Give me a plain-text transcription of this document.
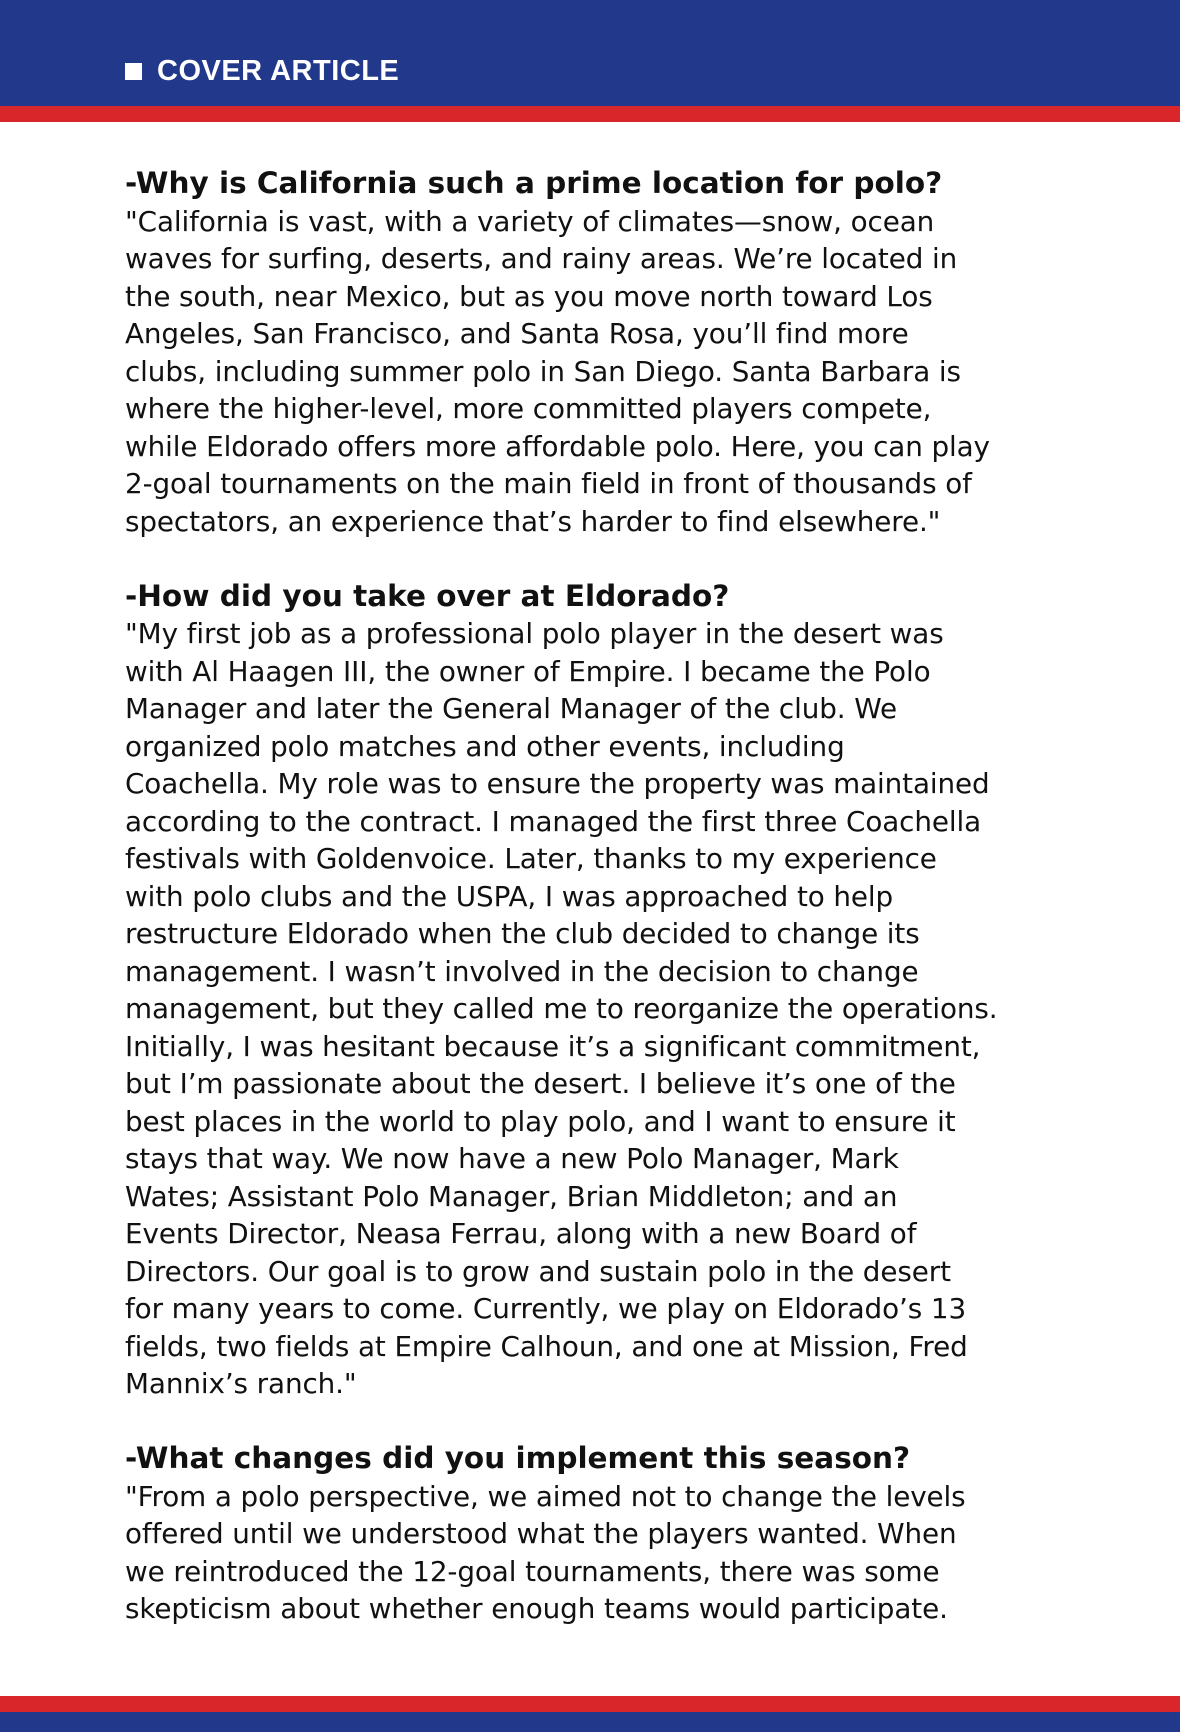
COVER ARTICLE

-Why is California such a prime location for polo?

"California is vast, with a variety of climates—snow, ocean
waves for surfing, deserts, and rainy areas. We’re located in
the south, near Mexico, but as you move north toward Los
Angeles, San Francisco, and Santa Rosa, you’ll find more
clubs, including summer polo in San Diego. Santa Barbara is
where the higher-level, more committed players compete,
while Eldorado offers more affordable polo. Here, you can play
2-goal tournaments on the main field in front of thousands of
spectators, an experience that’s harder to find elsewhere."

-How did you take over at Eldorado?

"My first job as a professional polo player in the desert was
with Al Haagen III, the owner of Empire. I became the Polo
Manager and later the General Manager of the club. We
organized polo matches and other events, including
Coachella. My role was to ensure the property was maintained
according to the contract. I managed the first three Coachella
festivals with Goldenvoice. Later, thanks to my experience
with polo clubs and the USPA, I was approached to help
restructure Eldorado when the club decided to change its
management. I wasn’t involved in the decision to change
management, but they called me to reorganize the operations.
Initially, I was hesitant because it’s a significant commitment,
but I’m passionate about the desert. I believe it’s one of the
best places in the world to play polo, and I want to ensure it
stays that way. We now have a new Polo Manager, Mark
Wates; Assistant Polo Manager, Brian Middleton; and an
Events Director, Neasa Ferrau, along with a new Board of
Directors. Our goal is to grow and sustain polo in the desert
for many years to come. Currently, we play on Eldorado’s 13
fields, two fields at Empire Calhoun, and one at Mission, Fred
Mannix’s ranch."

-What changes did you implement this season?

"From a polo perspective, we aimed not to change the levels
offered until we understood what the players wanted. When
we reintroduced the 12-goal tournaments, there was some
skepticism about whether enough teams would participate.
